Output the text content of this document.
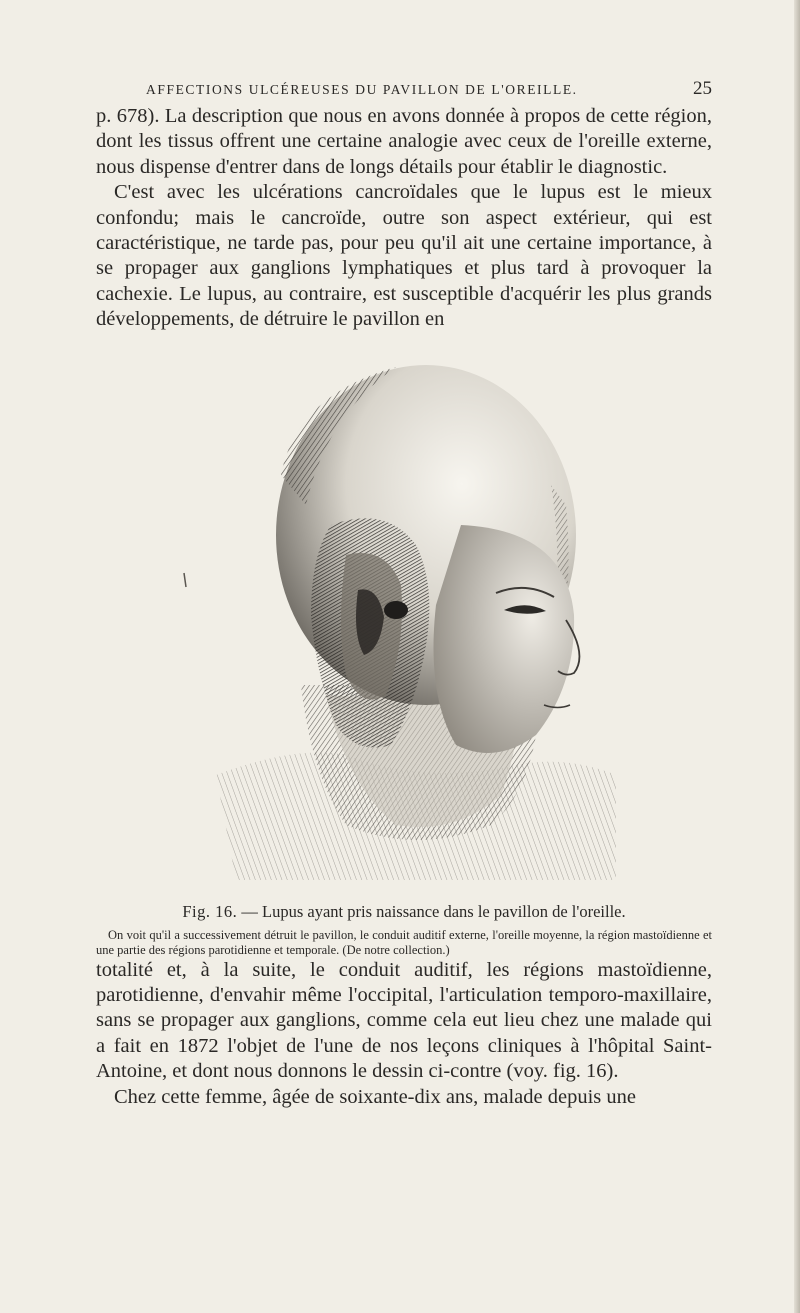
AFFECTIONS ULCÉREUSES DU PAVILLON DE L'OREILLE.	25

p. 678). La description que nous en avons donnée à propos de cette région, dont les tissus offrent une certaine analogie avec ceux de l'oreille externe, nous dispense d'entrer dans de longs détails pour établir le diagnostic.

C'est avec les ulcérations cancroïdales que le lupus est le mieux confondu; mais le cancroïde, outre son aspect extérieur, qui est caractéristique, ne tarde pas, pour peu qu'il ait une certaine importance, à se propager aux ganglions lymphatiques et plus tard à provoquer la cachexie. Le lupus, au contraire, est susceptible d'acquérir les plus grands développements, de détruire le pavillon en

Fig. 16. — Lupus ayant pris naissance dans le pavillon de l'oreille.
On voit qu'il a successivement détruit le pavillon, le conduit auditif externe, l'oreille moyenne, la région mastoïdienne et une partie des régions parotidienne et temporale. (De notre collection.)

totalité et, à la suite, le conduit auditif, les régions mastoïdienne, parotidienne, d'envahir même l'occipital, l'articulation temporo-maxillaire, sans se propager aux ganglions, comme cela eut lieu chez une malade qui a fait en 1872 l'objet de l'une de nos leçons cliniques à l'hôpital Saint-Antoine, et dont nous donnons le dessin ci-contre (voy. fig. 16).

Chez cette femme, âgée de soixante-dix ans, malade depuis une
